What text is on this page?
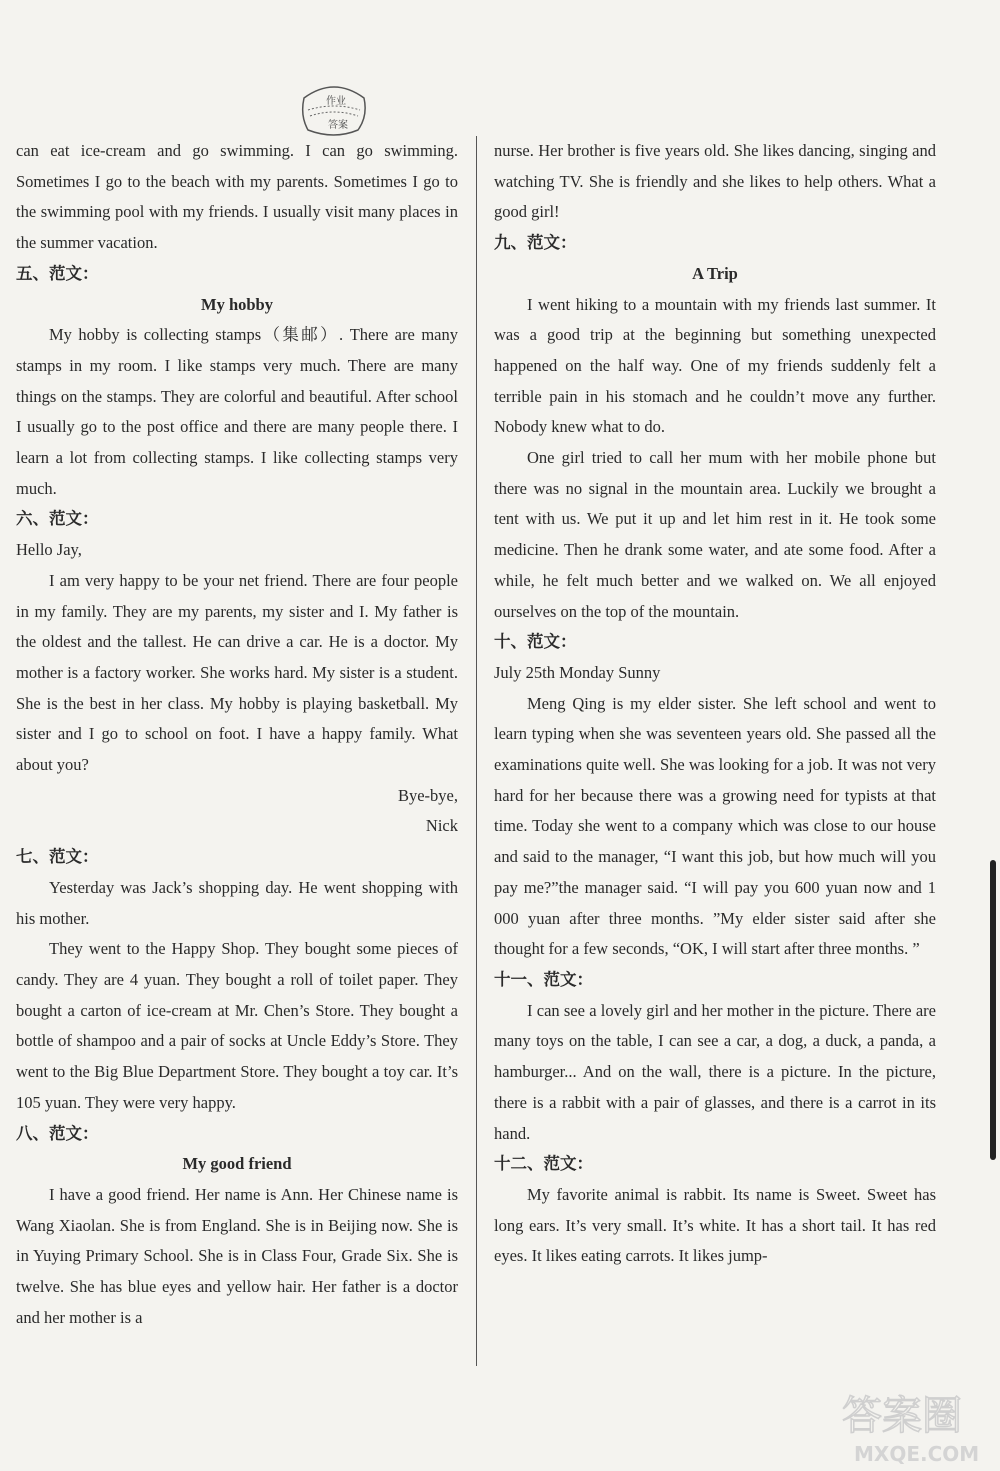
作业
答案

can eat ice-cream and go swimming. I can go swimming. Sometimes I go to the beach with my parents. Sometimes I go to the swimming pool with my friends. I usually visit many places in the summer vacation.

五、范文：
My hobby

My hobby is collecting stamps（集邮）. There are many stamps in my room. I like stamps very much. There are many things on the stamps. They are colorful and beautiful. After school I usually go to the post office and there are many people there. I learn a lot from collecting stamps. I like collecting stamps very much.

六、范文：

Hello Jay,

I am very happy to be your net friend. There are four people in my family. They are my parents, my sister and I. My father is the oldest and the tallest. He can drive a car. He is a doctor. My mother is a factory worker. She works hard. My sister is a student. She is the best in her class. My hobby is playing basketball. My sister and I go to school on foot. I have a happy family. What about you?

Bye-bye,

Nick

七、范文：

Yesterday was Jack’s shopping day. He went shopping with his mother.

They went to the Happy Shop. They bought some pieces of candy. They are 4 yuan. They bought a roll of toilet paper. They bought a carton of ice-cream at Mr. Chen’s Store. They bought a bottle of shampoo and a pair of socks at Uncle Eddy’s Store. They went to the Big Blue Department Store. They bought a toy car. It’s 105 yuan. They were very happy.

八、范文：
My good friend

I have a good friend. Her name is Ann. Her Chinese name is Wang Xiaolan. She is from England. She is in Beijing now. She is in Yuying Primary School. She is in Class Four, Grade Six. She is twelve. She has blue eyes and yellow hair. Her father is a doctor and her mother is a

nurse. Her brother is five years old. She likes dancing, singing and watching TV. She is friendly and she likes to help others. What a good girl!

九、范文：
A Trip

I went hiking to a mountain with my friends last summer. It was a good trip at the beginning but something unexpected happened on the half way. One of my friends suddenly felt a terrible pain in his stomach and he couldn’t move any further. Nobody knew what to do.

One girl tried to call her mum with her mobile phone but there was no signal in the mountain area. Luckily we brought a tent with us. We put it up and let him rest in it. He took some medicine. Then he drank some water, and ate some food. After a while, he felt much better and we walked on. We all enjoyed ourselves on the top of the mountain.

十、范文：

July 25th Monday Sunny

Meng Qing is my elder sister. She left school and went to learn typing when she was seventeen years old. She passed all the examinations quite well. She was looking for a job. It was not very hard for her because there was a growing need for typists at that time. Today she went to a company which was close to our house and said to the manager, “I want this job, but how much will you pay me?”the manager said. “I will pay you 600 yuan now and 1 000 yuan after three months. ”My elder sister said after she thought for a few seconds, “OK, I will start after three months. ”

十一、范文：

I can see a lovely girl and her mother in the picture. There are many toys on the table, I can see a car, a dog, a duck, a panda, a hamburger... And on the wall, there is a picture. In the picture, there is a rabbit with a pair of glasses, and there is a carrot in its hand.

十二、范文：

My favorite animal is rabbit. Its name is Sweet. Sweet has long ears. It’s very small. It’s white. It has a short tail. It has red eyes. It likes eating carrots. It likes jump-

答案圈
MXQE.COM
